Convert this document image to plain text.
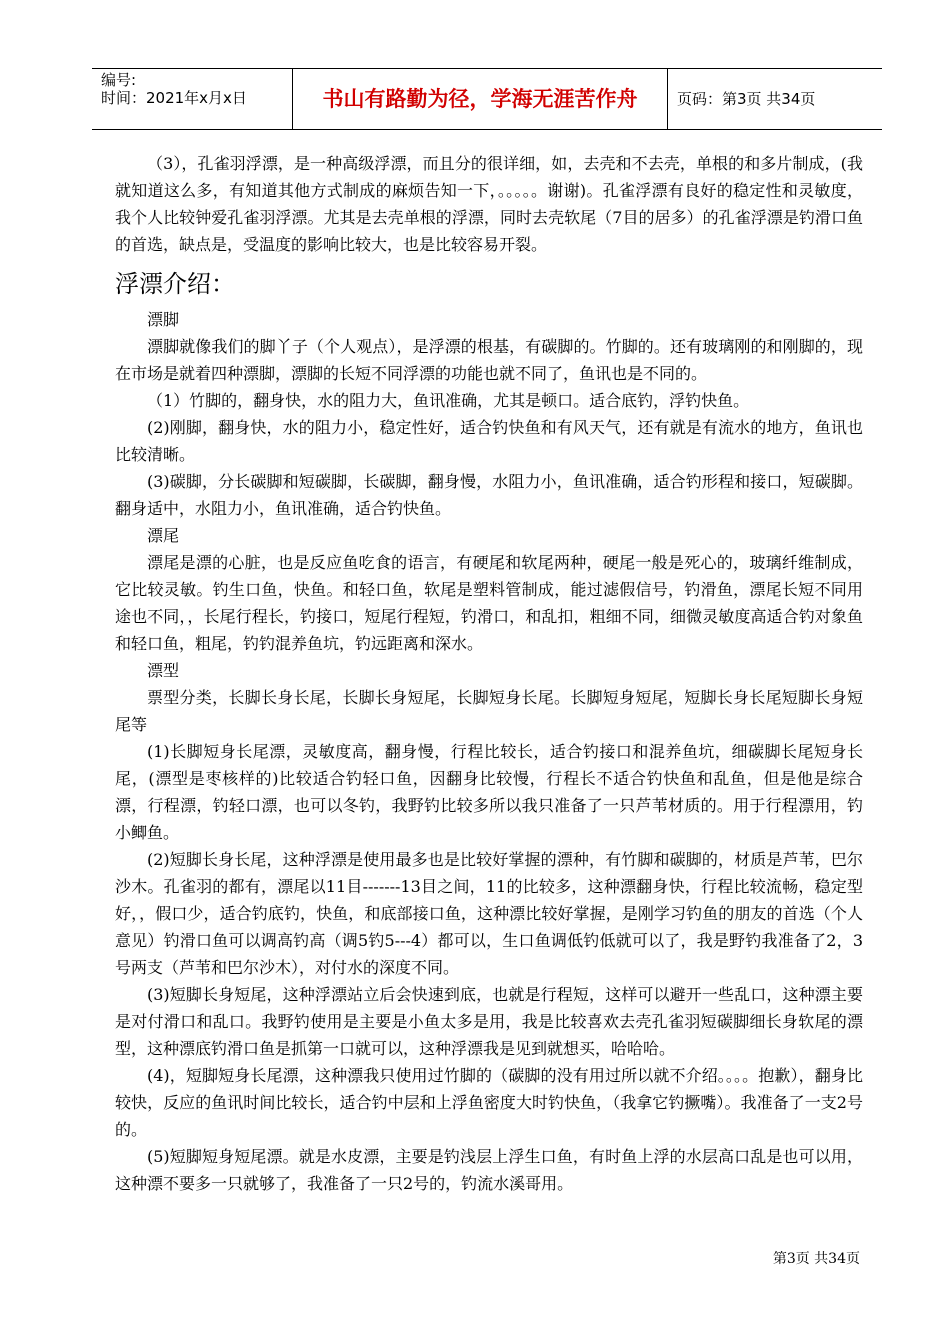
编号:
时间：2021年x月x日	书山有路勤为径，学海无涯苦作舟	页码：第3页 共34页

（3），孔雀羽浮漂，是一种高级浮漂，而且分的很详细，如，去壳和不去壳，单根的和多片制成，(我就知道这么多，有知道其他方式制成的麻烦告知一下，。。。。。谢谢)。孔雀浮漂有良好的稳定性和灵敏度，我个人比较钟爱孔雀羽浮漂。尤其是去壳单根的浮漂，同时去壳软尾（7目的居多）的孔雀浮漂是钓滑口鱼的首选，缺点是，受温度的影响比较大，也是比较容易开裂。

浮漂介绍：

漂脚

漂脚就像我们的脚丫子（个人观点），是浮漂的根基，有碳脚的。竹脚的。还有玻璃刚的和刚脚的，现在市场是就着四种漂脚，漂脚的长短不同浮漂的功能也就不同了，鱼讯也是不同的。

（1）竹脚的，翻身快，水的阻力大，鱼讯准确，尤其是顿口。适合底钓，浮钓快鱼。

(2)刚脚，翻身快，水的阻力小，稳定性好，适合钓快鱼和有风天气，还有就是有流水的地方，鱼讯也比较清晰。

(3)碳脚，分长碳脚和短碳脚，长碳脚，翻身慢，水阻力小，鱼讯准确，适合钓形程和接口，短碳脚。翻身适中，水阻力小，鱼讯准确，适合钓快鱼。

漂尾

漂尾是漂的心脏，也是反应鱼吃食的语言，有硬尾和软尾两种，硬尾一般是死心的，玻璃纤维制成，它比较灵敏。钓生口鱼，快鱼。和轻口鱼，软尾是塑料管制成，能过滤假信号，钓滑鱼，漂尾长短不同用途也不同，，长尾行程长，钓接口，短尾行程短，钓滑口，和乱扣，粗细不同，细微灵敏度高适合钓对象鱼和轻口鱼，粗尾，钓钓混养鱼坑，钓远距离和深水。

漂型

票型分类，长脚长身长尾，长脚长身短尾，长脚短身长尾。长脚短身短尾，短脚长身长尾短脚长身短尾等

(1)长脚短身长尾漂，灵敏度高，翻身慢，行程比较长，适合钓接口和混养鱼坑，细碳脚长尾短身长尾，(漂型是枣核样的)比较适合钓轻口鱼，因翻身比较慢，行程长不适合钓快鱼和乱鱼，但是他是综合漂，行程漂，钓轻口漂，也可以冬钓，我野钓比较多所以我只准备了一只芦苇材质的。用于行程漂用，钓小鲫鱼。

(2)短脚长身长尾，这种浮漂是使用最多也是比较好掌握的漂种，有竹脚和碳脚的，材质是芦苇，巴尔沙木。孔雀羽的都有，漂尾以11目-------13目之间，11的比较多，这种漂翻身快，行程比较流畅，稳定型好，，假口少，适合钓底钓，快鱼，和底部接口鱼，这种漂比较好掌握，是刚学习钓鱼的朋友的首选（个人意见）钓滑口鱼可以调高钓高（调5钓5---4）都可以，生口鱼调低钓低就可以了，我是野钓我准备了2，3号两支（芦苇和巴尔沙木），对付水的深度不同。

(3)短脚长身短尾，这种浮漂站立后会快速到底，也就是行程短，这样可以避开一些乱口，这种漂主要是对付滑口和乱口。我野钓使用是主要是小鱼太多是用，我是比较喜欢去壳孔雀羽短碳脚细长身软尾的漂型，这种漂底钓滑口鱼是抓第一口就可以，这种浮漂我是见到就想买，哈哈哈。

(4)，短脚短身长尾漂，这种漂我只使用过竹脚的（碳脚的没有用过所以就不介绍。。。。抱歉），翻身比较快，反应的鱼讯时间比较长，适合钓中层和上浮鱼密度大时钓快鱼，（我拿它钓撅嘴）。我准备了一支2号的。

(5)短脚短身短尾漂。就是水皮漂，主要是钓浅层上浮生口鱼，有时鱼上浮的水层高口乱是也可以用，这种漂不要多一只就够了，我准备了一只2号的，钓流水溪哥用。

第3页 共34页
